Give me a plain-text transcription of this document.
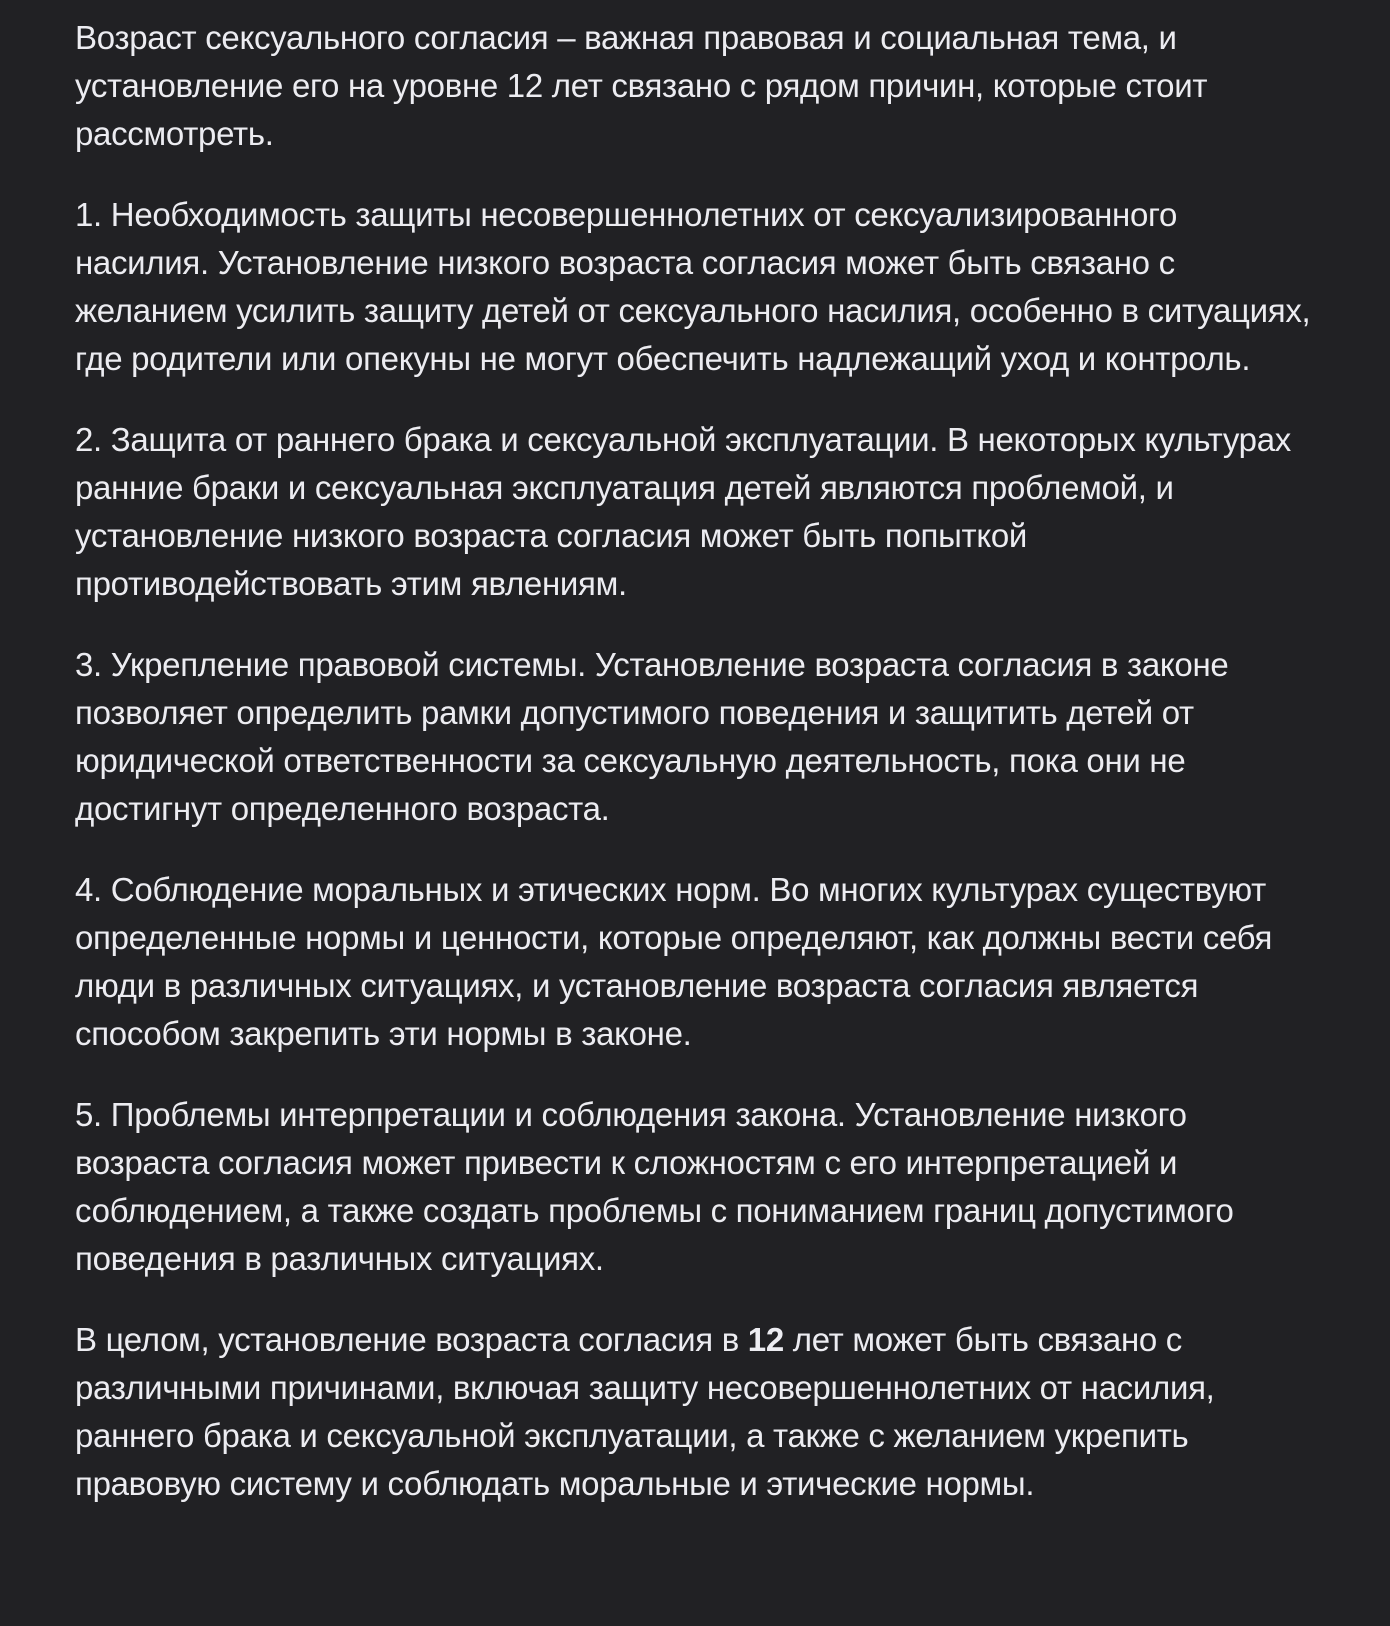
Возраст сексуального согласия – важная правовая и социальная тема, и установление его на уровне 12 лет связано с рядом причин, которые стоит рассмотреть.

1. Необходимость защиты несовершеннолетних от сексуализированного насилия. Установление низкого возраста согласия может быть связано с желанием усилить защиту детей от сексуального насилия, особенно в ситуациях, где родители или опекуны не могут обеспечить надлежащий уход и контроль.

2. Защита от раннего брака и сексуальной эксплуатации. В некоторых культурах ранние браки и сексуальная эксплуатация детей являются проблемой, и установление низкого возраста согласия может быть попыткой противодействовать этим явлениям.

3. Укрепление правовой системы. Установление возраста согласия в законе позволяет определить рамки допустимого поведения и защитить детей от юридической ответственности за сексуальную деятельность, пока они не достигнут определенного возраста.

4. Соблюдение моральных и этических норм. Во многих культурах существуют определенные нормы и ценности, которые определяют, как должны вести себя люди в различных ситуациях, и установление возраста согласия является способом закрепить эти нормы в законе.

5. Проблемы интерпретации и соблюдения закона. Установление низкого возраста согласия может привести к сложностям с его интерпретацией и соблюдением, а также создать проблемы с пониманием границ допустимого поведения в различных ситуациях.

В целом, установление возраста согласия в 12 лет может быть связано с различными причинами, включая защиту несовершеннолетних от насилия, раннего брака и сексуальной эксплуатации, а также с желанием укрепить правовую систему и соблюдать моральные и этические нормы.
